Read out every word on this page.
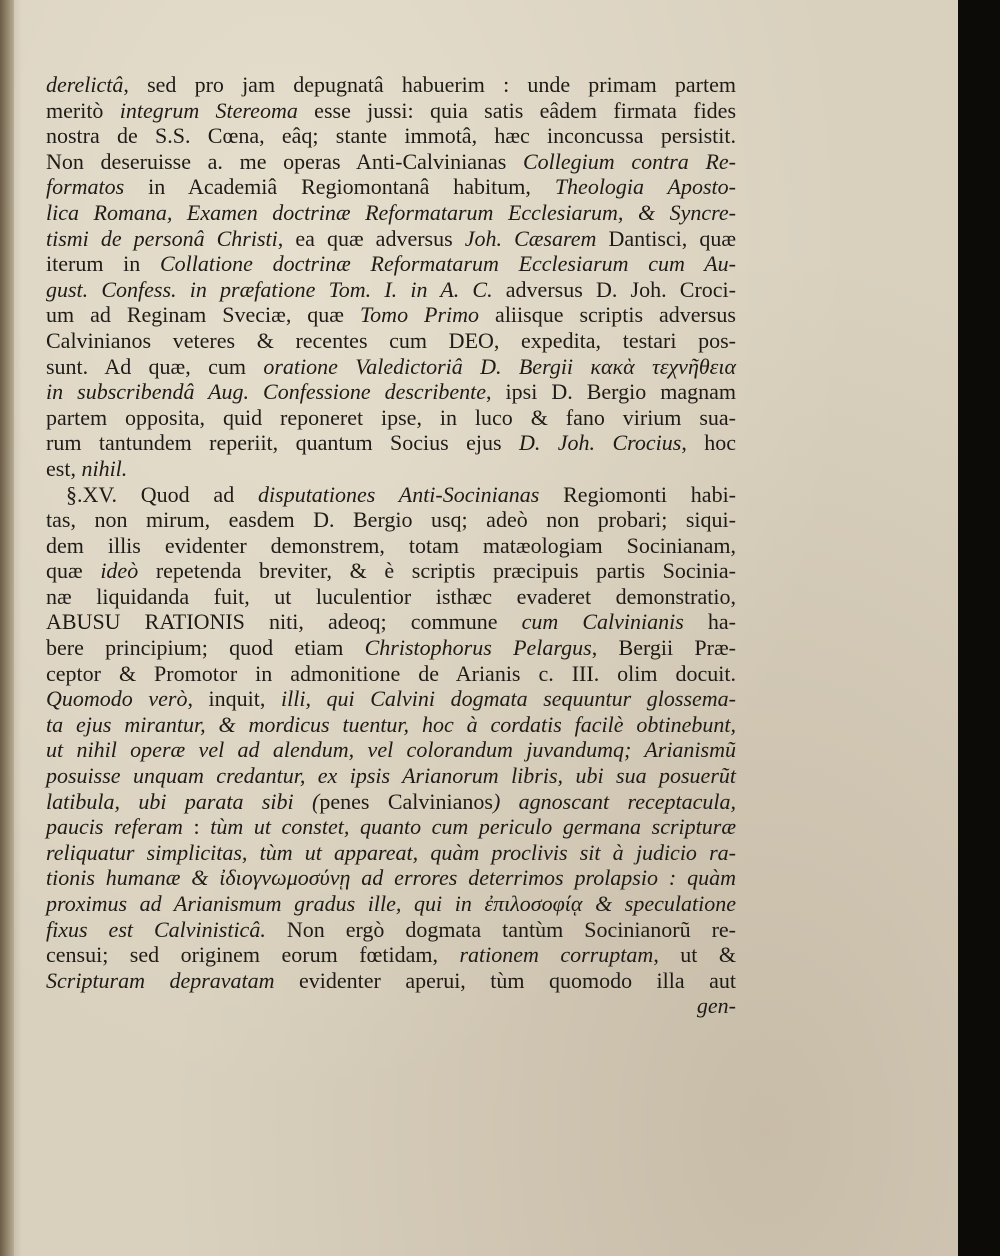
derelictâ, sed pro jam depugnatâ habuerim : unde primam partem
meritò integrum Stereoma esse jussi: quia satis eâdem firmata fides
nostra de S.S. Cœna, eâq; stante immotâ, hæc inconcussa persistit.
Non deseruisse a. me operas Anti-Calvinianas Collegium contra Re-
formatos in Academiâ Regiomontanâ habitum, Theologia Aposto-
lica Romana, Examen doctrinæ Reformatarum Ecclesiarum, & Syncre-
tismi de personâ Christi, ea quæ adversus Joh. Cæsarem Dantisci, quæ
iterum in Collatione doctrinæ Reformatarum Ecclesiarum cum Au-
gust. Confess. in præfatione Tom. I. in A. C. adversus D. Joh. Croci-
um ad Reginam Sveciæ, quæ Tomo Primo aliisque scriptis adversus
Calvinianos veteres & recentes cum DEO, expedita, testari pos-
sunt. Ad quæ, cum oratione Valedictoriâ D. Bergii κακὰ τεχνῆθεια
in subscribendâ Aug. Confessione describente, ipsi D. Bergio magnam
partem opposita, quid reponeret ipse, in luco & fano virium sua-
rum tantundem reperiit, quantum Socius ejus D. Joh. Crocius, hoc
est, nihil.
§.XV. Quod ad disputationes Anti-Socinianas Regiomonti habi-
tas, non mirum, easdem D. Bergio usq; adeò non probari; siqui-
dem illis evidenter demonstrem, totam matæologiam Socinianam,
quæ ideò repetenda breviter, & è scriptis præcipuis partis Socinia-
næ liquidanda fuit, ut luculentior isthæc evaderet demonstratio,
ABUSU RATIONIS niti, adeoq; commune cum Calvinianis ha-
bere principium; quod etiam Christophorus Pelargus, Bergii Præ-
ceptor & Promotor in admonitione de Arianis c. III. olim docuit.
Quomodo verò, inquit, illi, qui Calvini dogmata sequuntur glossema-
ta ejus mirantur, & mordicus tuentur, hoc à cordatis facilè obtinebunt,
ut nihil operæ vel ad alendum, vel colorandum juvandumq; Arianismũ
posuisse unquam credantur, ex ipsis Arianorum libris, ubi sua posuerũt
latibula, ubi parata sibi (penes Calvinianos) agnoscant receptacula,
paucis referam : tùm ut constet, quanto cum periculo germana scripturæ
reliquatur simplicitas, tùm ut appareat, quàm proclivis sit à judicio ra-
tionis humanæ & ἰδιογνωμοσύνῃ ad errores deterrimos prolapsio : quàm
proximus ad Arianismum gradus ille, qui in ἐπιλοσοφίᾳ & speculatione
fixus est Calvinisticâ. Non ergò dogmata tantùm Socinianorũ re-
censui; sed originem eorum fœtidam, rationem corruptam, ut &
Scripturam depravatam evidenter aperui, tùm quomodo illa aut
gen-
